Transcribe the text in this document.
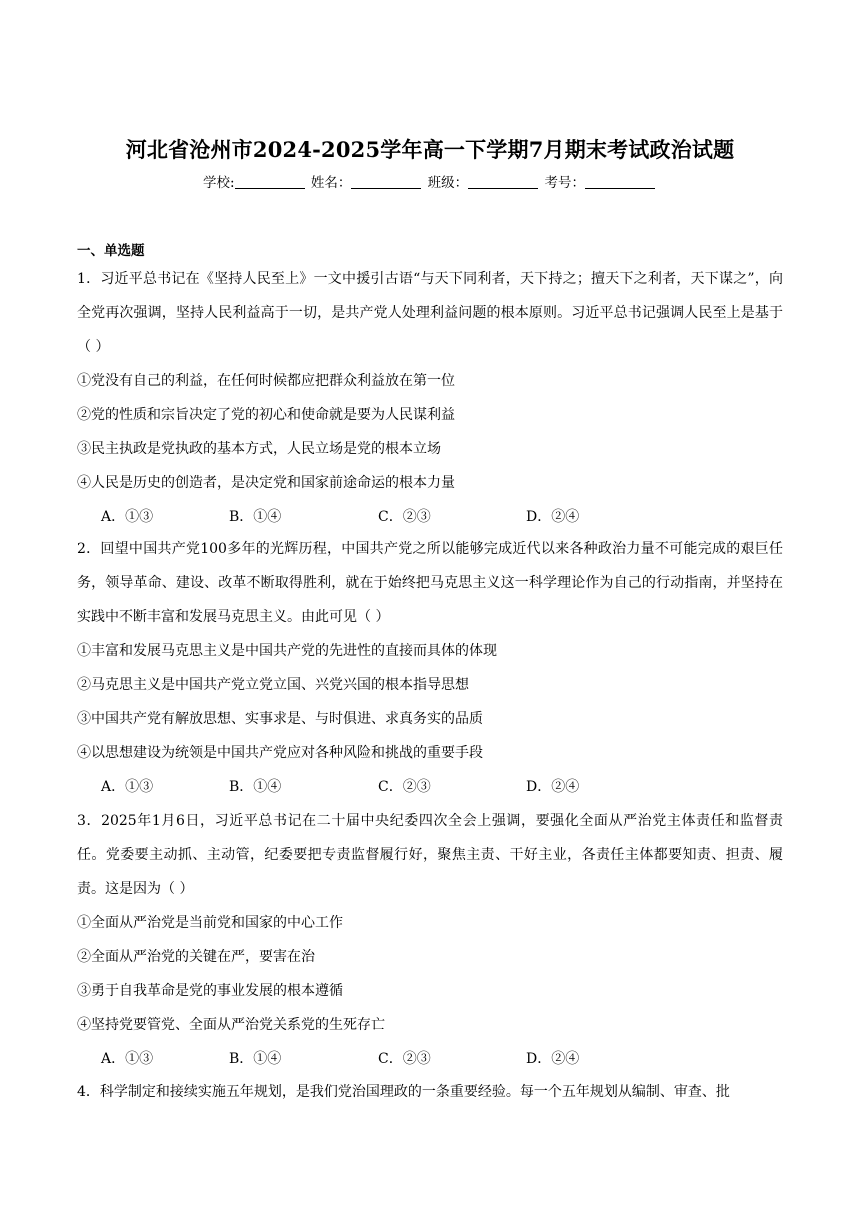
河北省沧州市2024-2025学年高一下学期7月期末考试政治试题
学校:	姓名：	班级：	考号：
一、单选题
1．习近平总书记在《坚持人民至上》一文中援引古语“与天下同利者，天下持之；擅天下之利者，天下谋之”，向全党再次强调，坚持人民利益高于一切，是共产党人处理利益问题的根本原则。习近平总书记强调人民至上是基于（ ）
①党没有自己的利益，在任何时候都应把群众利益放在第一位
②党的性质和宗旨决定了党的初心和使命就是要为人民谋利益
③民主执政是党执政的基本方式，人民立场是党的根本立场
④人民是历史的创造者，是决定党和国家前途命运的根本力量
A．①③	B．①④	C．②③	D．②④
2．回望中国共产党100多年的光辉历程，中国共产党之所以能够完成近代以来各种政治力量不可能完成的艰巨任务，领导革命、建设、改革不断取得胜利，就在于始终把马克思主义这一科学理论作为自己的行动指南，并坚持在实践中不断丰富和发展马克思主义。由此可见（ ）
①丰富和发展马克思主义是中国共产党的先进性的直接而具体的体现
②马克思主义是中国共产党立党立国、兴党兴国的根本指导思想
③中国共产党有解放思想、实事求是、与时俱进、求真务实的品质
④以思想建设为统领是中国共产党应对各种风险和挑战的重要手段
A．①③	B．①④	C．②③	D．②④
3．2025年1月6日，习近平总书记在二十届中央纪委四次全会上强调，要强化全面从严治党主体责任和监督责任。党委要主动抓、主动管，纪委要把专责监督履行好，聚焦主责、干好主业，各责任主体都要知责、担责、履责。这是因为（ ）
①全面从严治党是当前党和国家的中心工作
②全面从严治党的关键在严，要害在治
③勇于自我革命是党的事业发展的根本遵循
④坚持党要管党、全面从严治党关系党的生死存亡
A．①③	B．①④	C．②③	D．②④
4．科学制定和接续实施五年规划，是我们党治国理政的一条重要经验。每一个五年规划从编制、审查、批
